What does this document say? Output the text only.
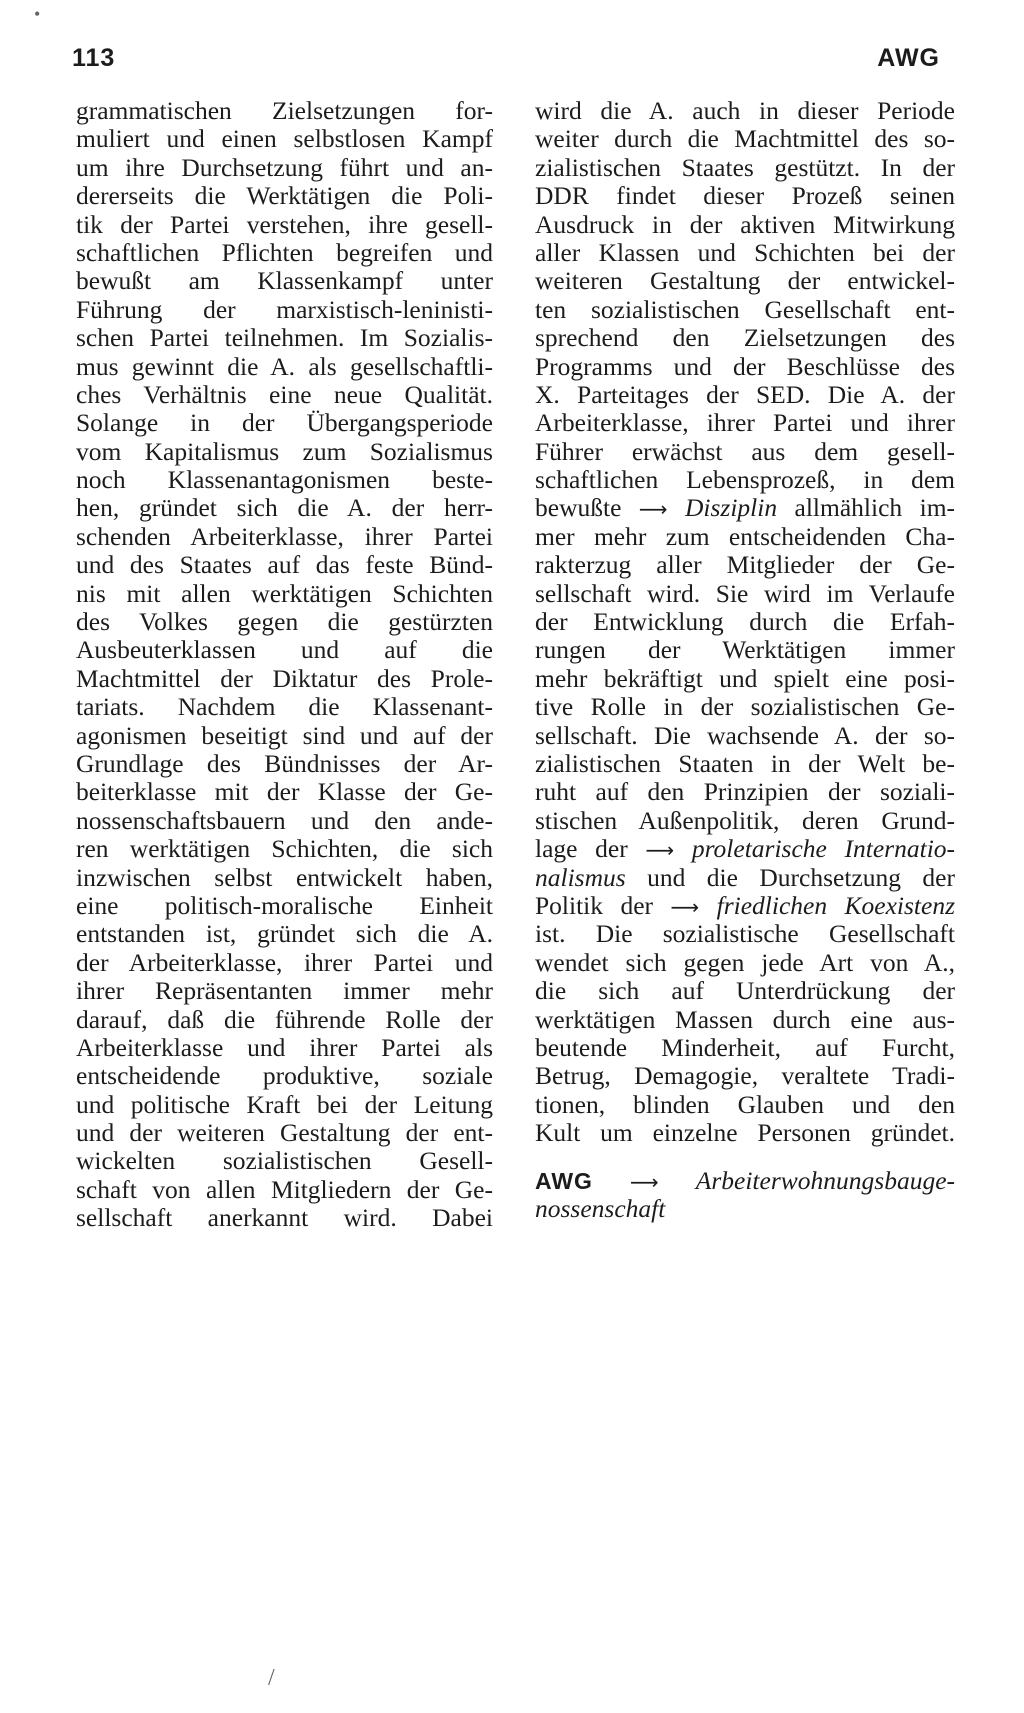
113	AWG
grammatischen Zielsetzungen for-
muliert und einen selbstlosen Kampf
um ihre Durchsetzung führt und an-
dererseits die Werktätigen die Poli-
tik der Partei verstehen, ihre gesell-
schaftlichen Pflichten begreifen und
bewußt am Klassenkampf unter
Führung der marxistisch-leninisti-
schen Partei teilnehmen. Im Sozialis-
mus gewinnt die A. als gesellschaftli-
ches Verhältnis eine neue Qualität.
Solange in der Übergangsperiode
vom Kapitalismus zum Sozialismus
noch Klassenantagonismen beste-
hen, gründet sich die A. der herr-
schenden Arbeiterklasse, ihrer Partei
und des Staates auf das feste Bünd-
nis mit allen werktätigen Schichten
des Volkes gegen die gestürzten
Ausbeuterklassen und auf die
Machtmittel der Diktatur des Prole-
tariats. Nachdem die Klassenant-
agonismen beseitigt sind und auf der
Grundlage des Bündnisses der Ar-
beiterklasse mit der Klasse der Ge-
nossenschaftsbauern und den ande-
ren werktätigen Schichten, die sich
inzwischen selbst entwickelt haben,
eine politisch-moralische Einheit
entstanden ist, gründet sich die A.
der Arbeiterklasse, ihrer Partei und
ihrer Repräsentanten immer mehr
darauf, daß die führende Rolle der
Arbeiterklasse und ihrer Partei als
entscheidende produktive, soziale
und politische Kraft bei der Leitung
und der weiteren Gestaltung der ent-
wickelten sozialistischen Gesell-
schaft von allen Mitgliedern der Ge-
sellschaft anerkannt wird. Dabei
wird die A. auch in dieser Periode
weiter durch die Machtmittel des so-
zialistischen Staates gestützt. In der
DDR findet dieser Prozeß seinen
Ausdruck in der aktiven Mitwirkung
aller Klassen und Schichten bei der
weiteren Gestaltung der entwickel-
ten sozialistischen Gesellschaft ent-
sprechend den Zielsetzungen des
Programms und der Beschlüsse des
X. Parteitages der SED. Die A. der
Arbeiterklasse, ihrer Partei und ihrer
Führer erwächst aus dem gesell-
schaftlichen Lebensprozeß, in dem
bewußte ⟶ Disziplin allmählich im-
mer mehr zum entscheidenden Cha-
rakterzug aller Mitglieder der Ge-
sellschaft wird. Sie wird im Verlaufe
der Entwicklung durch die Erfah-
rungen der Werktätigen immer
mehr bekräftigt und spielt eine posi-
tive Rolle in der sozialistischen Ge-
sellschaft. Die wachsende A. der so-
zialistischen Staaten in der Welt be-
ruht auf den Prinzipien der soziali-
stischen Außenpolitik, deren Grund-
lage der ⟶ proletarische Internatio-
nalismus und die Durchsetzung der
Politik der ⟶ friedlichen Koexistenz
ist. Die sozialistische Gesellschaft
wendet sich gegen jede Art von A.,
die sich auf Unterdrückung der
werktätigen Massen durch eine aus-
beutende Minderheit, auf Furcht,
Betrug, Demagogie, veraltete Tradi-
tionen, blinden Glauben und den
Kult um einzelne Personen gründet.
AWG ⟶ Arbeiterwohnungsbauge-
nossenschaft
•
/
